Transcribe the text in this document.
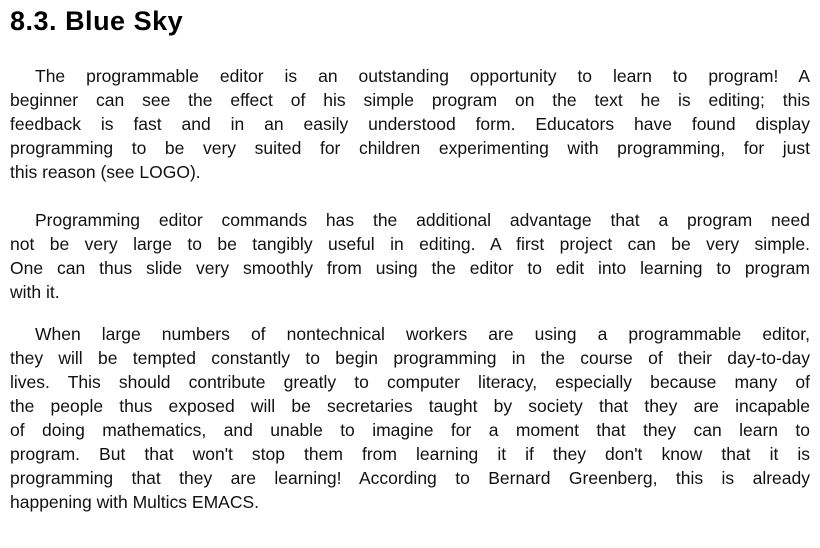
8.3. Blue Sky

The programmable editor is an outstanding opportunity to learn to program! A
beginner can see the effect of his simple program on the text he is editing; this
feedback is fast and in an easily understood form. Educators have found display
programming to be very suited for children experimenting with programming, for just
this reason (see LOGO).

Programming editor commands has the additional advantage that a program need
not be very large to be tangibly useful in editing. A first project can be very simple.
One can thus slide very smoothly from using the editor to edit into learning to program
with it.

When large numbers of nontechnical workers are using a programmable editor,
they will be tempted constantly to begin programming in the course of their day-to-day
lives. This should contribute greatly to computer literacy, especially because many of
the people thus exposed will be secretaries taught by society that they are incapable
of doing mathematics, and unable to imagine for a moment that they can learn to
program. But that won't stop them from learning it if they don't know that it is
programming that they are learning! According to Bernard Greenberg, this is already
happening with Multics EMACS.
